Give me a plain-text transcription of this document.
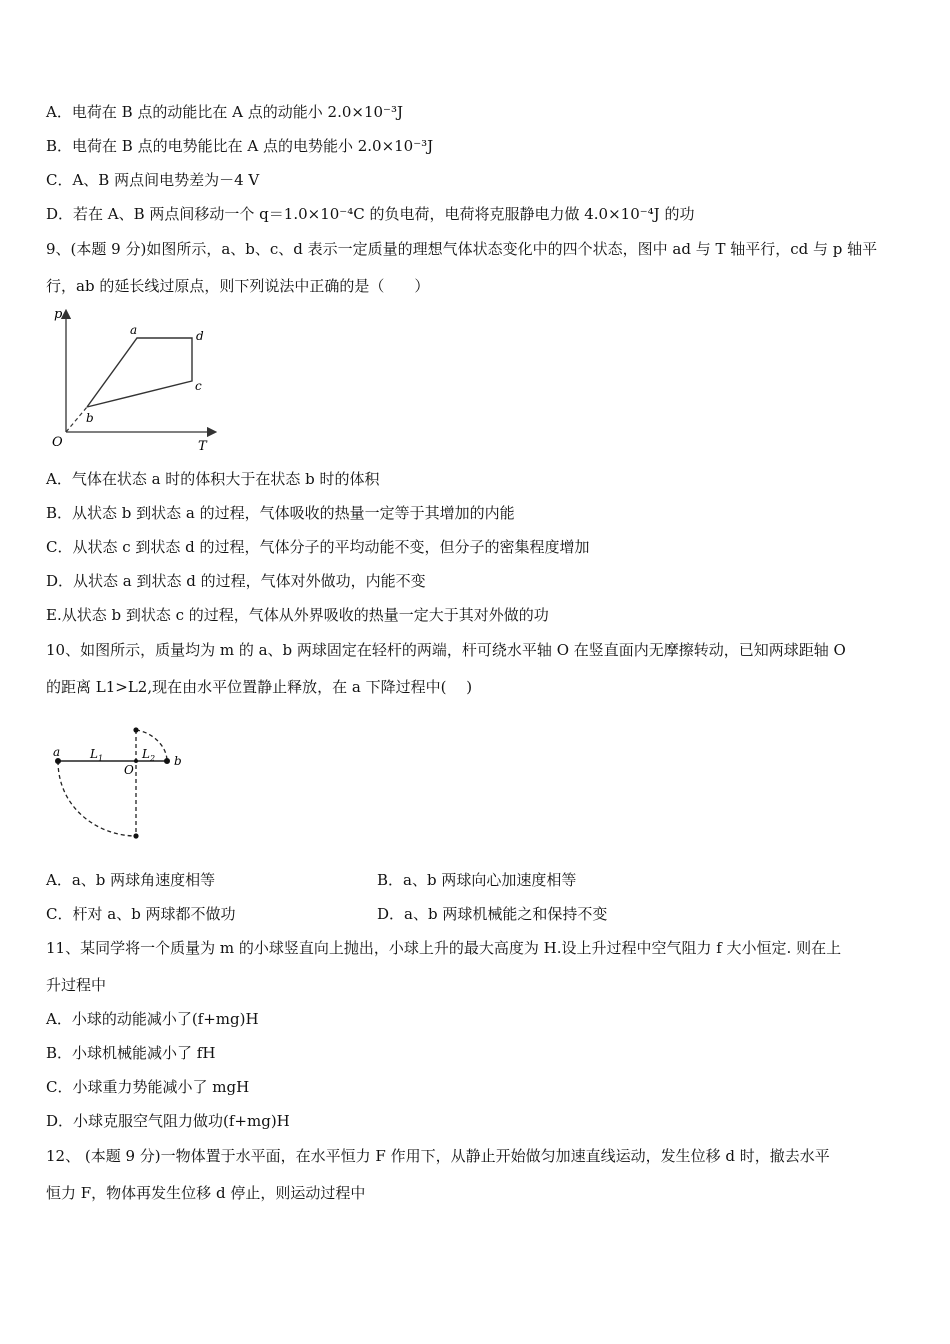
A．电荷在 B 点的动能比在 A 点的动能小 2.0×10⁻³J
B．电荷在 B 点的电势能比在 A 点的电势能小 2.0×10⁻³J
C．A、B 两点间电势差为－4 V
D．若在 A、B 两点间移动一个 q＝1.0×10⁻⁴C 的负电荷，电荷将克服静电力做 4.0×10⁻⁴J 的功
9、(本题 9 分)如图所示，a、b、c、d 表示一定质量的理想气体状态变化中的四个状态，图中 ad 与 T 轴平行，cd 与 p 轴平
行，ab 的延长线过原点，则下列说法中正确的是（　　）
p
T
O
a	d
c
b
A．气体在状态 a 时的体积大于在状态 b 时的体积
B．从状态 b 到状态 a 的过程，气体吸收的热量一定等于其增加的内能
C．从状态 c 到状态 d 的过程，气体分子的平均动能不变，但分子的密集程度增加
D．从状态 a 到状态 d 的过程，气体对外做功，内能不变
E.从状态 b 到状态 c 的过程，气体从外界吸收的热量一定大于其对外做的功
10、如图所示，质量均为 m 的 a、b 两球固定在轻杆的两端，杆可绕水平轴 O 在竖直面内无摩擦转动，已知两球距轴 O
的距离 L1>L2,现在由水平位置静止释放，在 a 下降过程中(　 )
a
b
O
$L_1$	$L_2$
A．a、b 两球角速度相等	B．a、b 两球向心加速度相等
C．杆对 a、b 两球都不做功	D．a、b 两球机械能之和保持不变
11、某同学将一个质量为 m 的小球竖直向上抛出，小球上升的最大高度为 H.设上升过程中空气阻力 f 大小恒定. 则在上
升过程中
A．小球的动能减小了(f+mg)H
B．小球机械能减小了 fH
C．小球重力势能减小了 mgH
D．小球克服空气阻力做功(f+mg)H
12、 (本题 9 分)一物体置于水平面，在水平恒力 F 作用下，从静止开始做匀加速直线运动，发生位移 d 时，撤去水平
恒力 F，物体再发生位移 d 停止，则运动过程中
